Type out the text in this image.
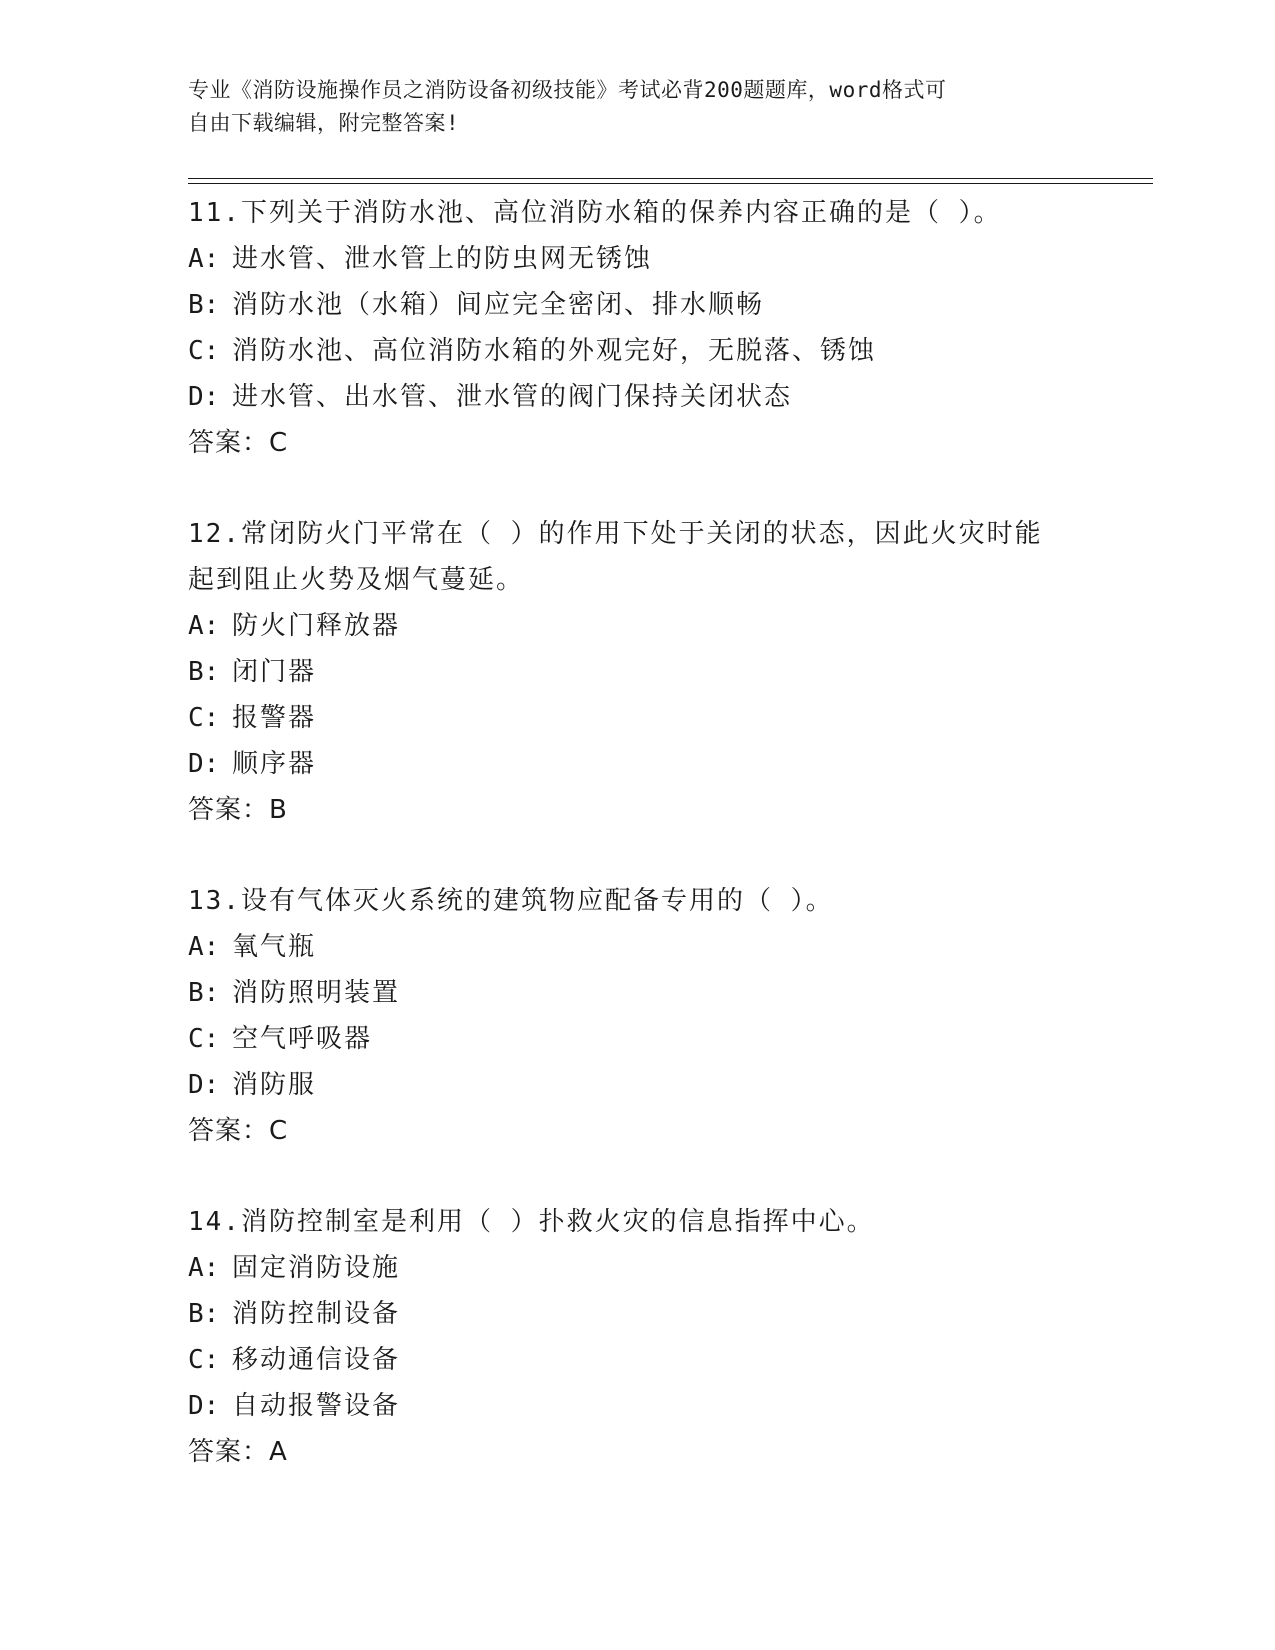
专业《消防设施操作员之消防设备初级技能》考试必背200题题库，word格式可
自由下载编辑，附完整答案!
11.下列关于消防水池、高位消防水箱的保养内容正确的是（ ）。
A: 进水管、泄水管上的防虫网无锈蚀
B: 消防水池（水箱）间应完全密闭、排水顺畅
C: 消防水池、高位消防水箱的外观完好，无脱落、锈蚀
D: 进水管、出水管、泄水管的阀门保持关闭状态
答案：C
12.常闭防火门平常在（ ）的作用下处于关闭的状态，因此火灾时能
起到阻止火势及烟气蔓延。
A: 防火门释放器
B: 闭门器
C: 报警器
D: 顺序器
答案：B
13.设有气体灭火系统的建筑物应配备专用的（ ）。
A: 氧气瓶
B: 消防照明装置
C: 空气呼吸器
D: 消防服
答案：C
14.消防控制室是利用（ ）扑救火灾的信息指挥中心。
A: 固定消防设施
B: 消防控制设备
C: 移动通信设备
D: 自动报警设备
答案：A
